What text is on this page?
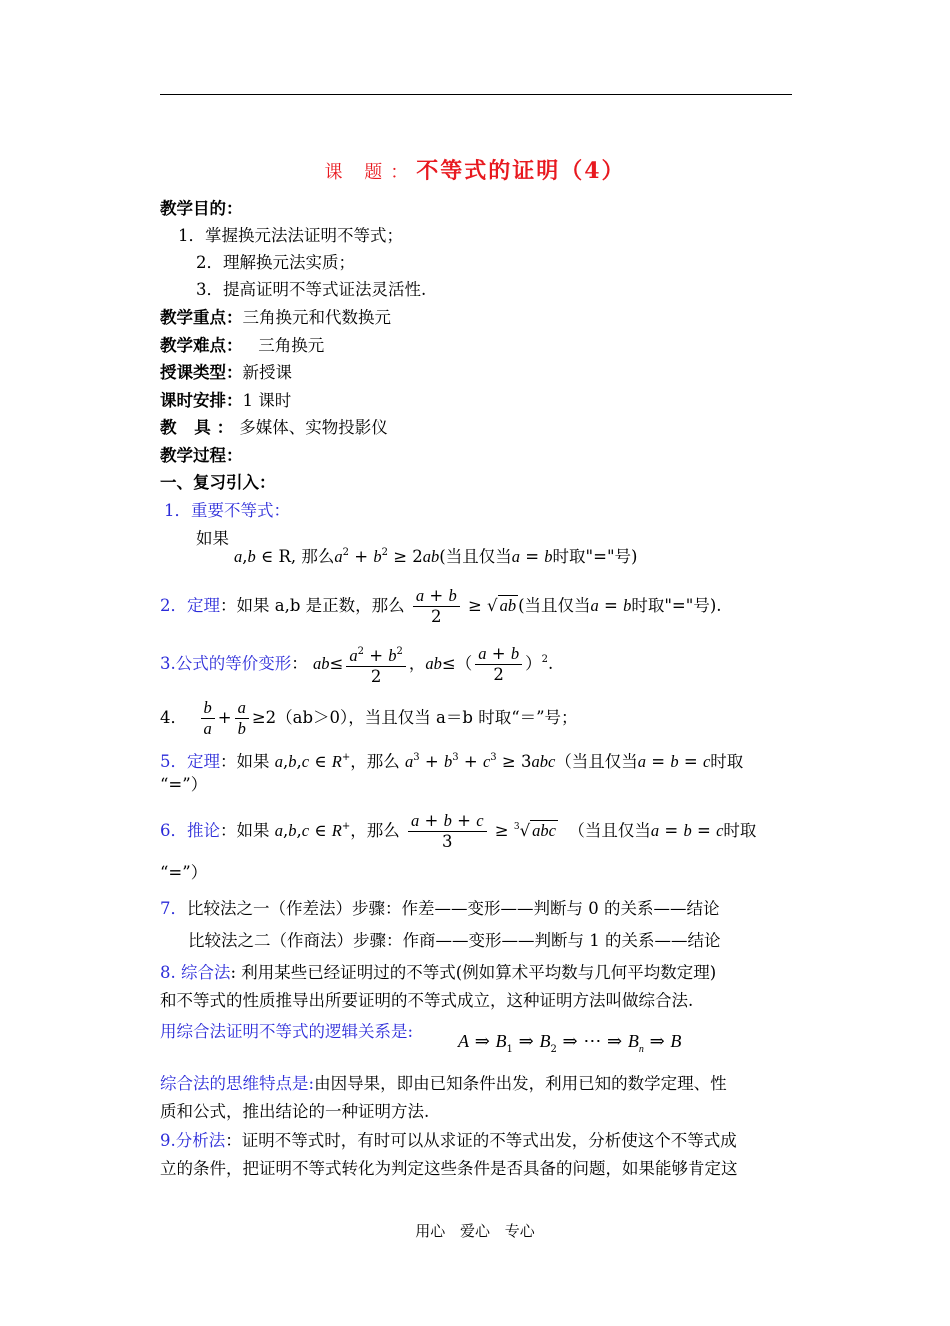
课 题：不等式的证明（4）
教学目的：
1．掌握换元法法证明不等式；
2．理解换元法实质；
3．提高证明不等式证法灵活性.
教学重点：三角换元和代数换元
教学难点： 三角换元
授课类型：新授课
课时安排：1 课时
教 具：多媒体、实物投影仪
教学过程：
一、复习引入：
1．重要不等式：
如果
a,b ∈ R, 那么$a^2 + b^2 \ge 2ab$(当且仅当a = b时取"="号)
2．定理：如果 a,b 是正数，那么 $\frac{a + b}{2}$ ≥ √ ab (当且仅当a = b时取"="号).
3.公式的等价变形： $ab\le \frac{a^2 + b^2}{2}$ ，$ab\le( \frac{a + b}{2} )^2$.
4． $\frac{b}{a} + \frac{a}{b} \ge 2(ab>0)$，当且仅当 a＝b 时取“＝”号；
5．定理：如果 a,b,c ∈ R+，那么 $a^3 + b^3 + c^3 \ge 3abc$（当且仅当a = b = c时取
“=”）
6．推论：如果 a,b,c ∈ R+，那么 $\frac{a + b + c}{3} \ge ^3√$ abc （当且仅当a = b = c时取
“=”）
7．比较法之一（作差法）步骤：作差——变形——判断与 0 的关系——结论
比较法之二（作商法）步骤：作商——变形——判断与 1 的关系——结论
8. 综合法: 利用某些已经证明过的不等式(例如算术平均数与几何平均数定理)
和不等式的性质推导出所要证明的不等式成立，这种证明方法叫做综合法.
用综合法证明不等式的逻辑关系是: A ⇒ $B_1$ ⇒ $B_2$ ⇒ ⋯ ⇒ $B_n$ ⇒ B
综合法的思维特点是:由因导果，即由已知条件出发，利用已知的数学定理、性
质和公式，推出结论的一种证明方法.
9.分析法：证明不等式时，有时可以从求证的不等式出发，分析使这个不等式成
立的条件，把证明不等式转化为判定这些条件是否具备的问题，如果能够肯定这
用心 爱心 专心
